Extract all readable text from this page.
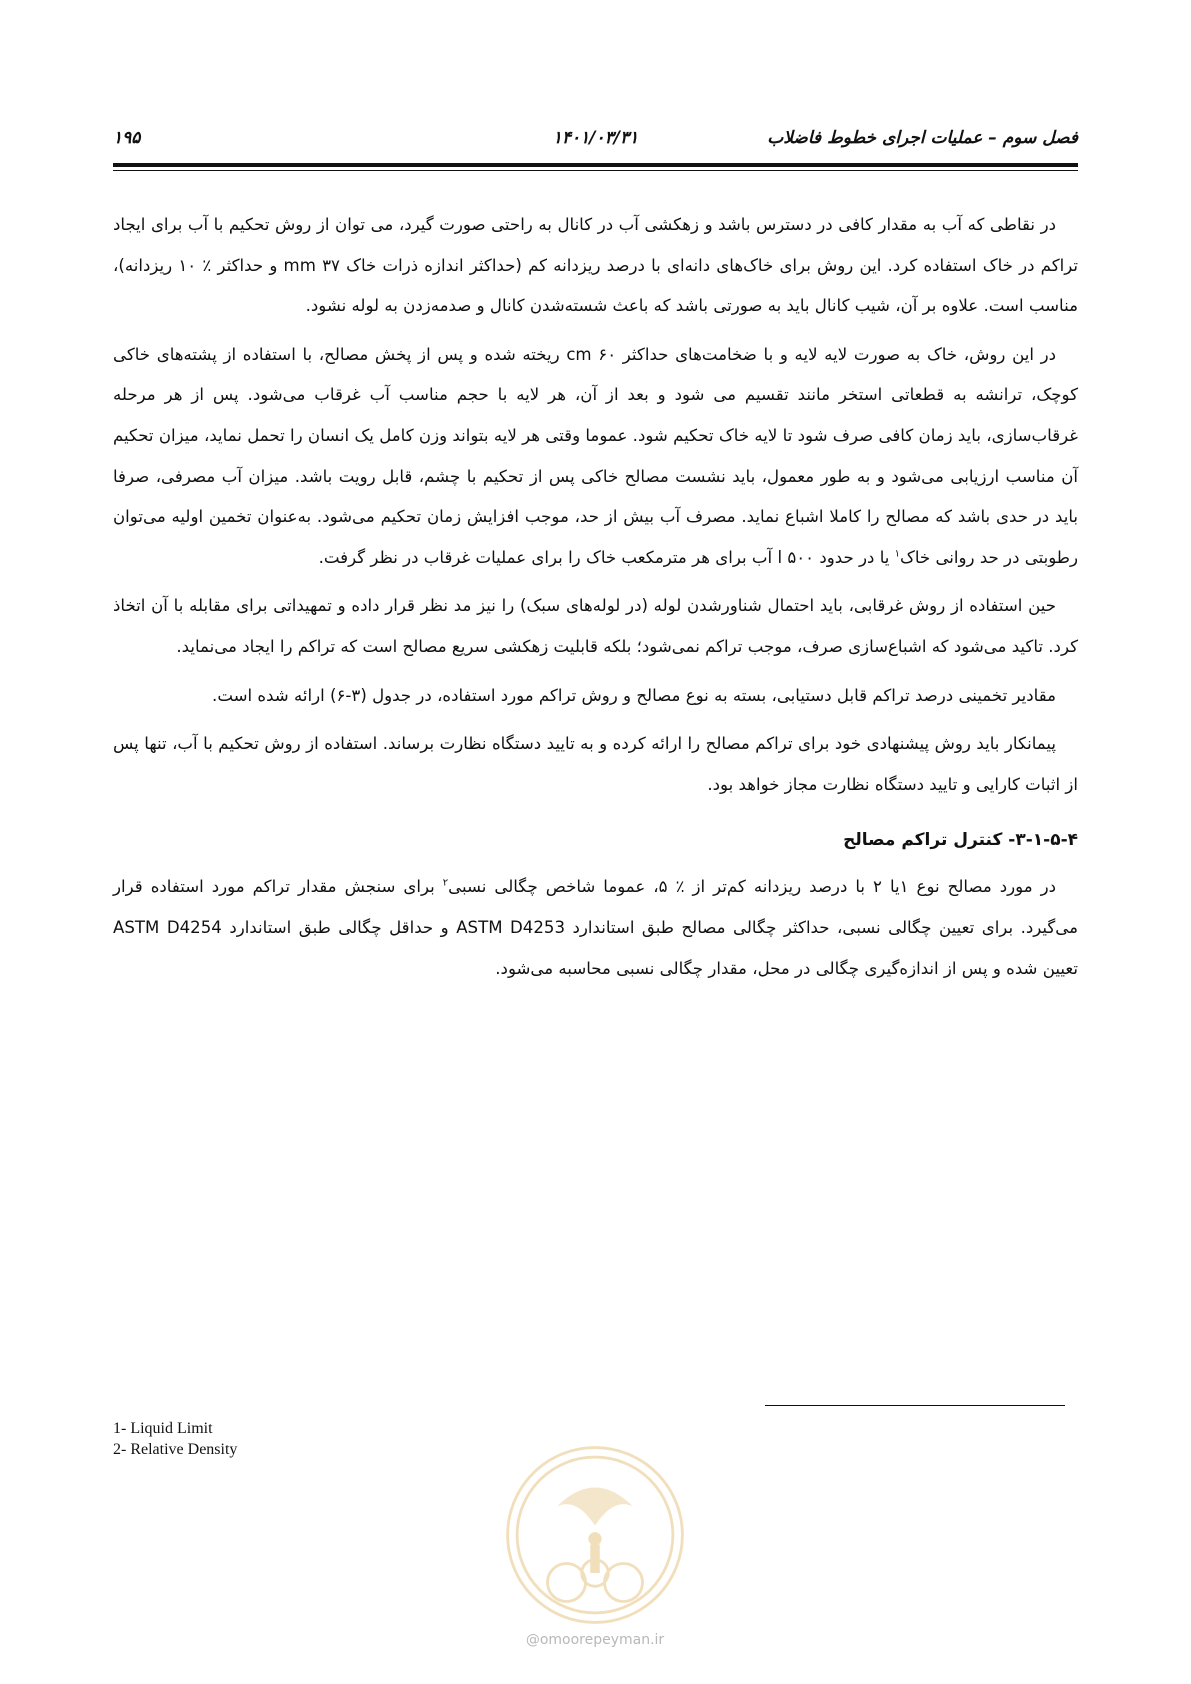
فصل سوم – عملیات اجرای خطوط فاضلاب
۱۴۰۱/۰۳/۳۱
۱۹۵

در نقاطی که آب به مقدار کافی در دسترس باشد و زهکشی آب در کانال به راحتی صورت گیرد، می توان از روش تحکیم با آب برای ایجاد تراکم در خاک استفاده کرد. این روش برای خاک‌های دانه‌ای با درصد ریزدانه کم (حداکثر اندازه ذرات خاک ۳۷ mm و حداکثر ٪ ۱۰ ریزدانه)، مناسب است. علاوه بر آن، شیب کانال باید به صورتی باشد که باعث شسته‌شدن کانال و صدمه‌زدن به لوله نشود.

در این روش، خاک به صورت لایه لایه و با ضخامت‌های حداکثر ۶۰ cm ریخته شده و پس از پخش مصالح، با استفاده از پشته‌های خاکی کوچک، ترانشه به قطعاتی استخر مانند تقسیم می شود و بعد از آن، هر لایه با حجم مناسب آب غرقاب می‌شود. پس از هر مرحله غرقاب‌سازی، باید زمان کافی صرف شود تا لایه خاک تحکیم شود. عموما وقتی هر لایه بتواند وزن کامل یک انسان را تحمل نماید، میزان تحکیم آن مناسب ارزیابی می‌شود و به طور معمول، باید نشست مصالح خاکی پس از تحکیم با چشم، قابل رویت باشد. میزان آب مصرفی، صرفا باید در حدی باشد که مصالح را کاملا اشباع نماید. مصرف آب بیش از حد، موجب افزایش زمان تحکیم می‌شود. به‌عنوان تخمین اولیه می‌توان رطوبتی در حد روانی خاک$^۱$ یا در حدود ۵۰۰ l آب برای هر مترمکعب خاک را برای عملیات غرقاب در نظر گرفت.

حین استفاده از روش غرقابی، باید احتمال شناورشدن لوله (در لوله‌های سبک) را نیز مد نظر قرار داده و تمهیداتی برای مقابله با آن اتخاذ کرد. تاکید می‌شود که اشباع‌سازی صرف، موجب تراکم نمی‌شود؛ بلکه قابلیت زهکشی سریع مصالح است که تراکم را ایجاد می‌نماید.

مقادیر تخمینی درصد تراکم قابل دستیابی، بسته به نوع مصالح و روش تراکم مورد استفاده، در جدول (۳-۶) ارائه شده است.

پیمانکار باید روش پیشنهادی خود برای تراکم مصالح را ارائه کرده و به تایید دستگاه نظارت برساند. استفاده از روش تحکیم با آب، تنها پس از اثبات کارایی و تایید دستگاه نظارت مجاز خواهد بود.

۳-۱-۵-۴- کنترل تراکم مصالح

در مورد مصالح نوع ۱یا ۲ با درصد ریزدانه کم‌تر از ٪ ۵، عموما شاخص چگالی نسبی$^۲$ برای سنجش مقدار تراکم مورد استفاده قرار می‌گیرد. برای تعیین چگالی نسبی، حداکثر چگالی مصالح طبق استاندارد ASTM D4253 و حداقل چگالی طبق استاندارد ASTM D4254 تعیین شده و پس از اندازه‌گیری چگالی در محل، مقدار چگالی نسبی محاسبه می‌شود.

1- Liquid Limit
2- Relative Density
@omoorepeyman.ir
